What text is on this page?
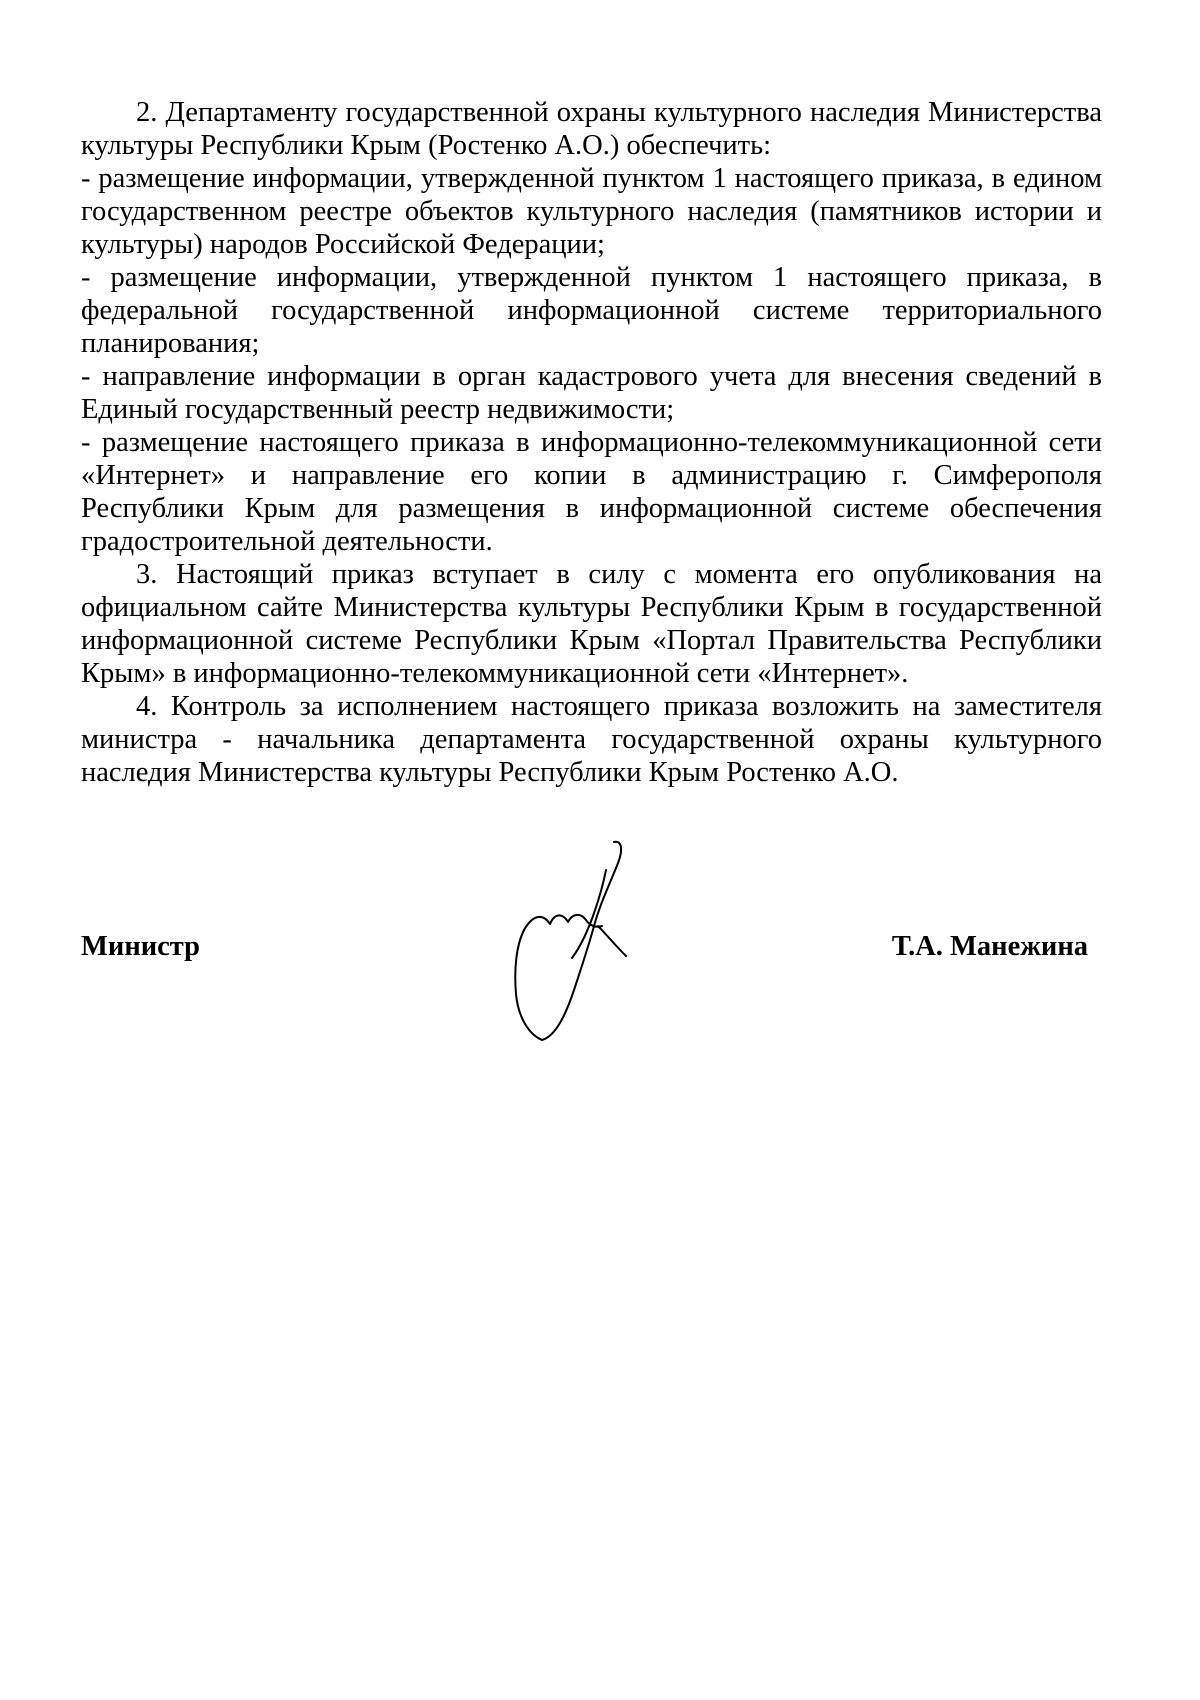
2. Департаменту государственной охраны культурного наследия Министерства культуры Республики Крым (Ростенко А.О.) обеспечить:

- размещение информации, утвержденной пунктом 1 настоящего приказа, в едином государственном реестре объектов культурного наследия (памятников истории и культуры) народов Российской Федерации;

- размещение информации, утвержденной пунктом 1 настоящего приказа, в федеральной государственной информационной системе территориального планирования;

- направление информации в орган кадастрового учета для внесения сведений в Единый государственный реестр недвижимости;

- размещение настоящего приказа в информационно-телекоммуникационной сети «Интернет» и направление его копии в администрацию г. Симферополя Республики Крым для размещения в информационной системе обеспечения градостроительной деятельности.

3. Настоящий приказ вступает в силу с момента его опубликования на официальном сайте Министерства культуры Республики Крым в государственной информационной системе Республики Крым «Портал Правительства Республики Крым» в информационно-телекоммуникационной сети «Интернет».

4. Контроль за исполнением настоящего приказа возложить на заместителя министра - начальника департамента государственной охраны культурного наследия Министерства культуры Республики Крым Ростенко А.О.

Министр	Т.А. Манежина
